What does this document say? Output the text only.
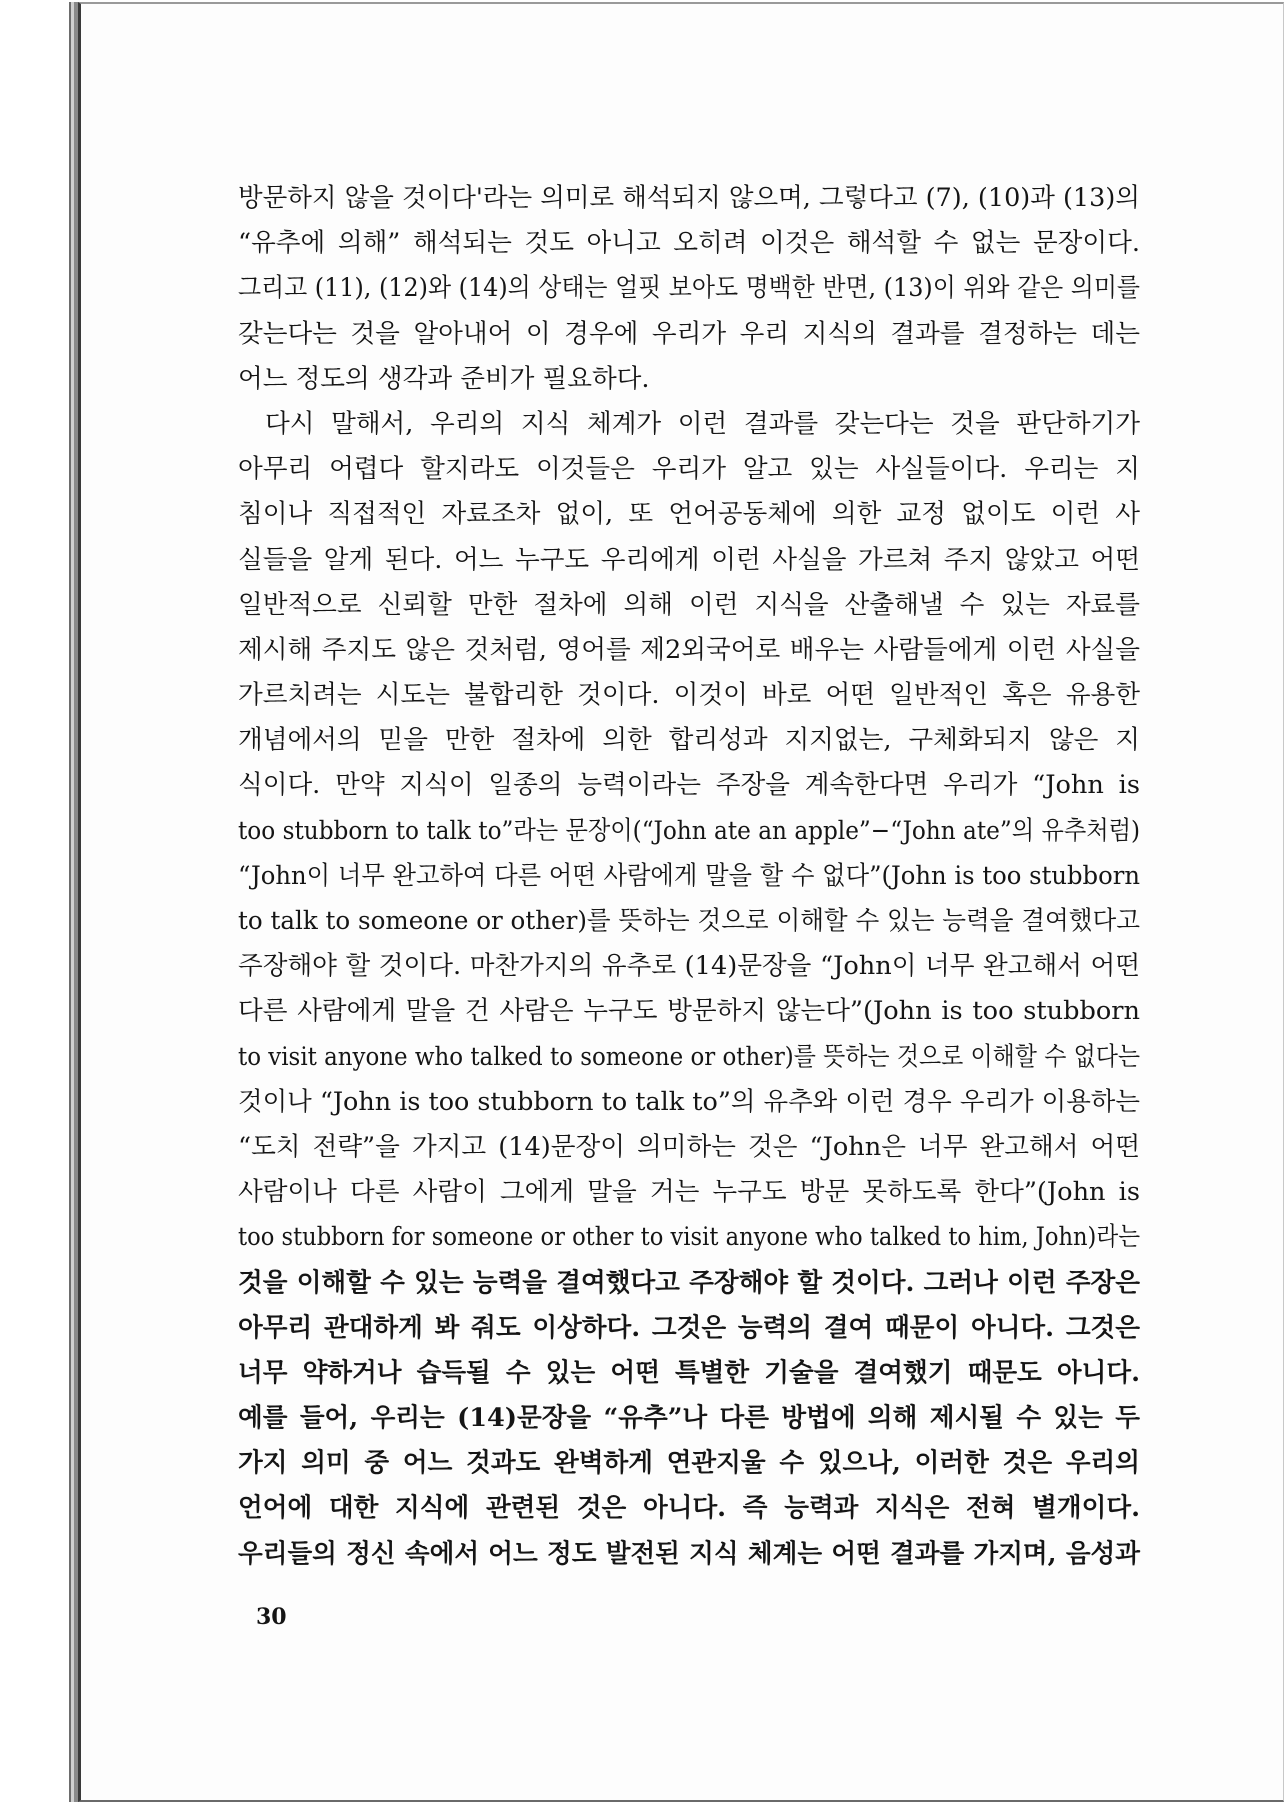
방문하지 않을 것이다'라는 의미로 해석되지 않으며, 그렇다고 (7), (10)과 (13)의
“유추에 의해” 해석되는 것도 아니고 오히려 이것은 해석할 수 없는 문장이다.
그리고 (11), (12)와 (14)의 상태는 얼핏 보아도 명백한 반면, (13)이 위와 같은 의미를
갖는다는 것을 알아내어 이 경우에 우리가 우리 지식의 결과를 결정하는 데는
어느 정도의 생각과 준비가 필요하다.
다시 말해서, 우리의 지식 체계가 이런 결과를 갖는다는 것을 판단하기가
아무리 어렵다 할지라도 이것들은 우리가 알고 있는 사실들이다. 우리는 지
침이나 직접적인 자료조차 없이, 또 언어공동체에 의한 교정 없이도 이런 사
실들을 알게 된다. 어느 누구도 우리에게 이런 사실을 가르쳐 주지 않았고 어떤
일반적으로 신뢰할 만한 절차에 의해 이런 지식을 산출해낼 수 있는 자료를
제시해 주지도 않은 것처럼, 영어를 제2외국어로 배우는 사람들에게 이런 사실을
가르치려는 시도는 불합리한 것이다. 이것이 바로 어떤 일반적인 혹은 유용한
개념에서의 믿을 만한 절차에 의한 합리성과 지지없는, 구체화되지 않은 지
식이다. 만약 지식이 일종의 능력이라는 주장을 계속한다면 우리가 “John is
too stubborn to talk to”라는 문장이(“John ate an apple”−“John ate”의 유추처럼)
“John이 너무 완고하여 다른 어떤 사람에게 말을 할 수 없다”(John is too stubborn
to talk to someone or other)를 뜻하는 것으로 이해할 수 있는 능력을 결여했다고
주장해야 할 것이다. 마찬가지의 유추로 (14)문장을 “John이 너무 완고해서 어떤
다른 사람에게 말을 건 사람은 누구도 방문하지 않는다”(John is too stubborn
to visit anyone who talked to someone or other)를 뜻하는 것으로 이해할 수 없다는
것이나 “John is too stubborn to talk to”의 유추와 이런 경우 우리가 이용하는
“도치 전략”을 가지고 (14)문장이 의미하는 것은 “John은 너무 완고해서 어떤
사람이나 다른 사람이 그에게 말을 거는 누구도 방문 못하도록 한다”(John is
too stubborn for someone or other to visit anyone who talked to him, John)라는
것을 이해할 수 있는 능력을 결여했다고 주장해야 할 것이다. 그러나 이런 주장은
아무리 관대하게 봐 줘도 이상하다. 그것은 능력의 결여 때문이 아니다. 그것은
너무 약하거나 습득될 수 있는 어떤 특별한 기술을 결여했기 때문도 아니다.
예를 들어, 우리는 (14)문장을 “유추”나 다른 방법에 의해 제시될 수 있는 두
가지 의미 중 어느 것과도 완벽하게 연관지울 수 있으나, 이러한 것은 우리의
언어에 대한 지식에 관련된 것은 아니다. 즉 능력과 지식은 전혀 별개이다.
우리들의 정신 속에서 어느 정도 발전된 지식 체계는 어떤 결과를 가지며, 음성과
30
